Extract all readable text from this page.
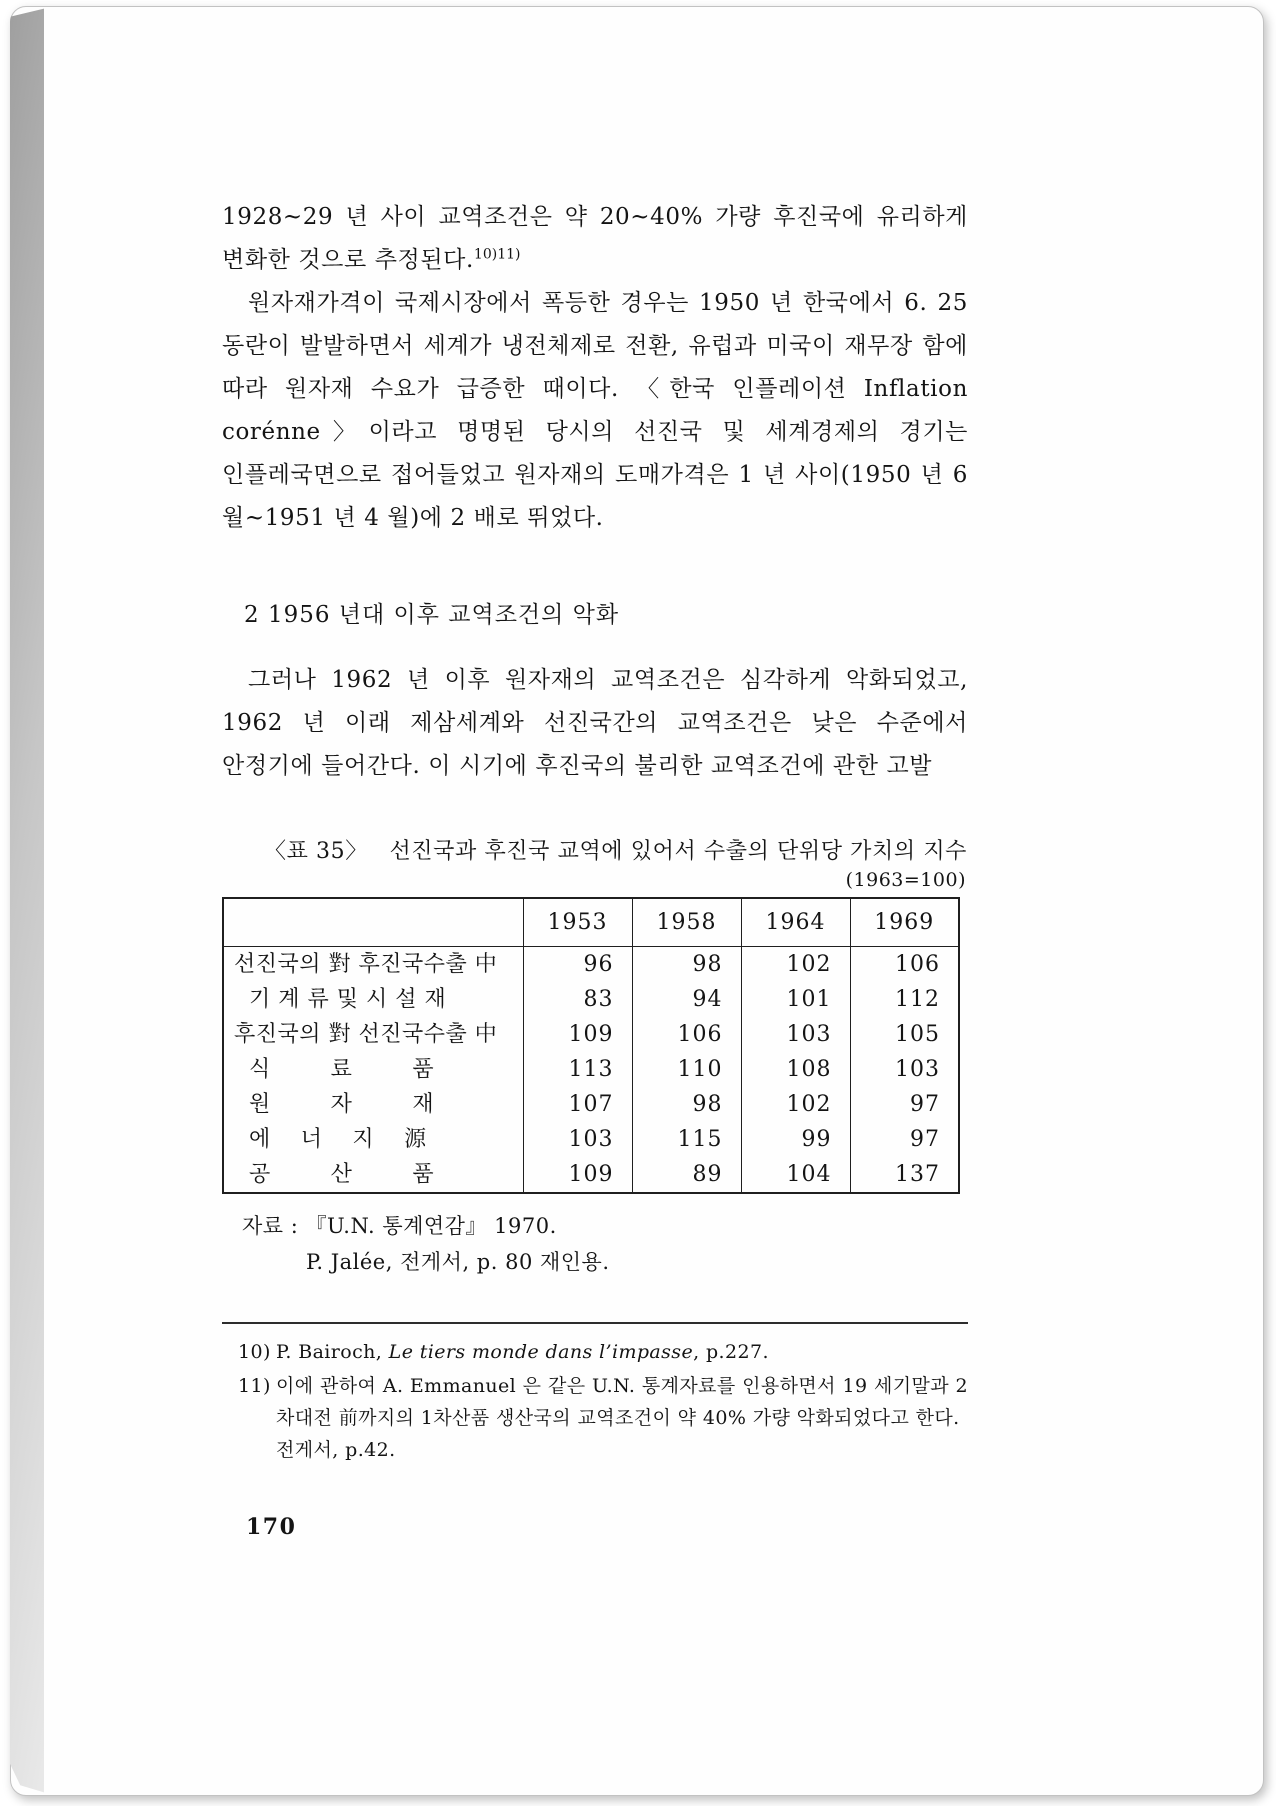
1928~29 년 사이 교역조건은 약 20~40% 가량 후진국에 유리하게 변화한 것으로 추정된다.$^{10)11)}$

원자재가격이 국제시장에서 폭등한 경우는 1950 년 한국에서 6. 25 동란이 발발하면서 세계가 냉전체제로 전환, 유럽과 미국이 재무장 함에 따라 원자재 수요가 급증한 때이다. 〈한국 인플레이션 Inflation corénne〉이라고 명명된 당시의 선진국 및 세계경제의 경기는 인플레국면으로 접어들었고 원자재의 도매가격은 1 년 사이(1950 년 6 월~1951 년 4 월)에 2 배로 뛰었다.

2 1956 년대 이후 교역조건의 악화

그러나 1962 년 이후 원자재의 교역조건은 심각하게 악화되었고, 1962 년 이래 제삼세계와 선진국간의 교역조건은 낮은 수준에서 안정기에 들어간다. 이 시기에 후진국의 불리한 교역조건에 관한 고발

〈표 35〉 선진국과 후진국 교역에 있어서 수출의 단위당 가치의 지수
(1963=100)
	1953	1958	1964	1969
선진국의 對 후진국수출 中	96	98	102	106
기 계 류 및 시 설 재	83	94	101	112
후진국의 對 선진국수출 中	109	106	103	105
식        료        품	113	110	108	103
원        자        재	107	98	102	97
에    너    지    源	103	115	99	97
공        산        품	109	89	104	137
자료 : 『U.N. 통계연감』 1970.
P. Jalée, 전게서, p. 80 재인용.
10) P. Bairoch, Le tiers monde dans l’impasse, p.227.
11) 이에 관하여 A. Emmanuel 은 같은 U.N. 통계자료를 인용하면서 19 세기말과 2 차대전 前까지의 1차산품 생산국의 교역조건이 약 40% 가량 악화되었다고 한다.
전게서, p.42.
170
